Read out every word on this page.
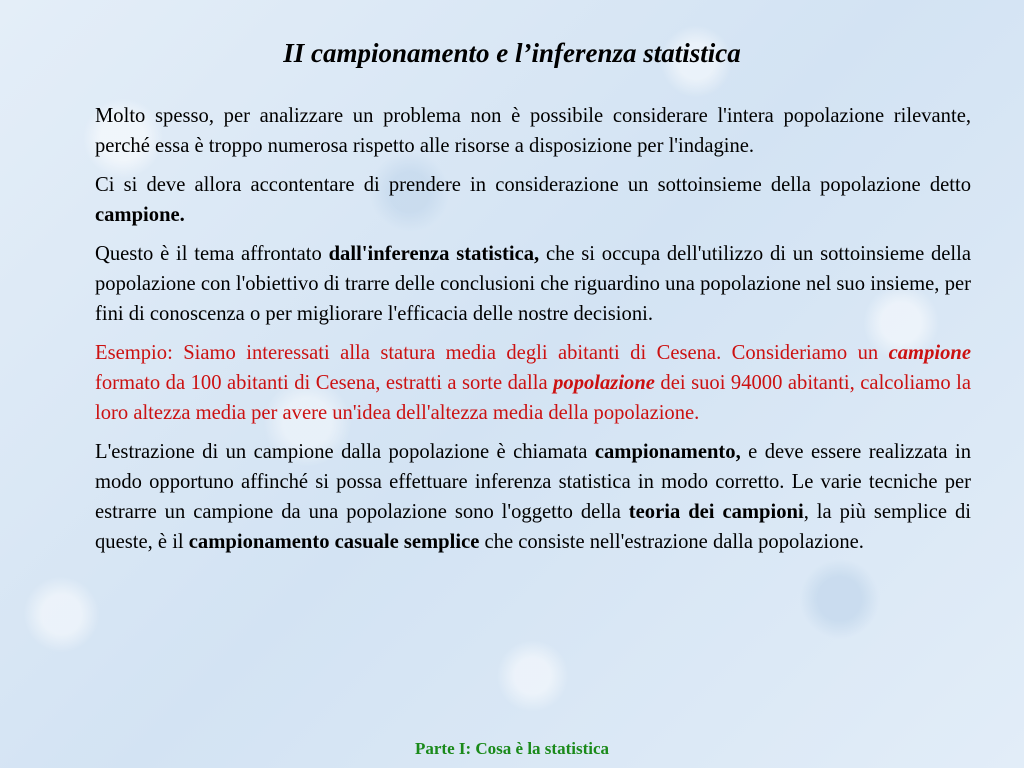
II campionamento e l’inferenza statistica

Molto spesso, per analizzare un problema non è possibile considerare l'intera popolazione rilevante, perché essa è troppo numerosa rispetto alle risorse a disposizione per l'indagine.

Ci si deve allora accontentare di prendere in considerazione un sottoinsieme della popolazione detto campione.

Questo è il tema affrontato dall'inferenza statistica, che si occupa dell'utilizzo di un sottoinsieme della popolazione con l'obiettivo di trarre delle conclusioni che riguardino una popolazione nel suo insieme, per fini di conoscenza o per migliorare l'efficacia delle nostre decisioni.

Esempio: Siamo interessati alla statura media degli abitanti di Cesena. Consideriamo un campione formato da 100 abitanti di Cesena, estratti a sorte dalla popolazione dei suoi 94000 abitanti, calcoliamo la loro altezza media per avere un'idea dell'altezza media della popolazione.

L'estrazione di un campione dalla popolazione è chiamata campionamento, e deve essere realizzata in modo opportuno affinché si possa effettuare inferenza statistica in modo corretto. Le varie tecniche per estrarre un campione da una popolazione sono l'oggetto della teoria dei campioni, la più semplice di queste, è il campionamento casuale semplice che consiste nell'estrazione dalla popolazione.

Parte I: Cosa è la statistica
